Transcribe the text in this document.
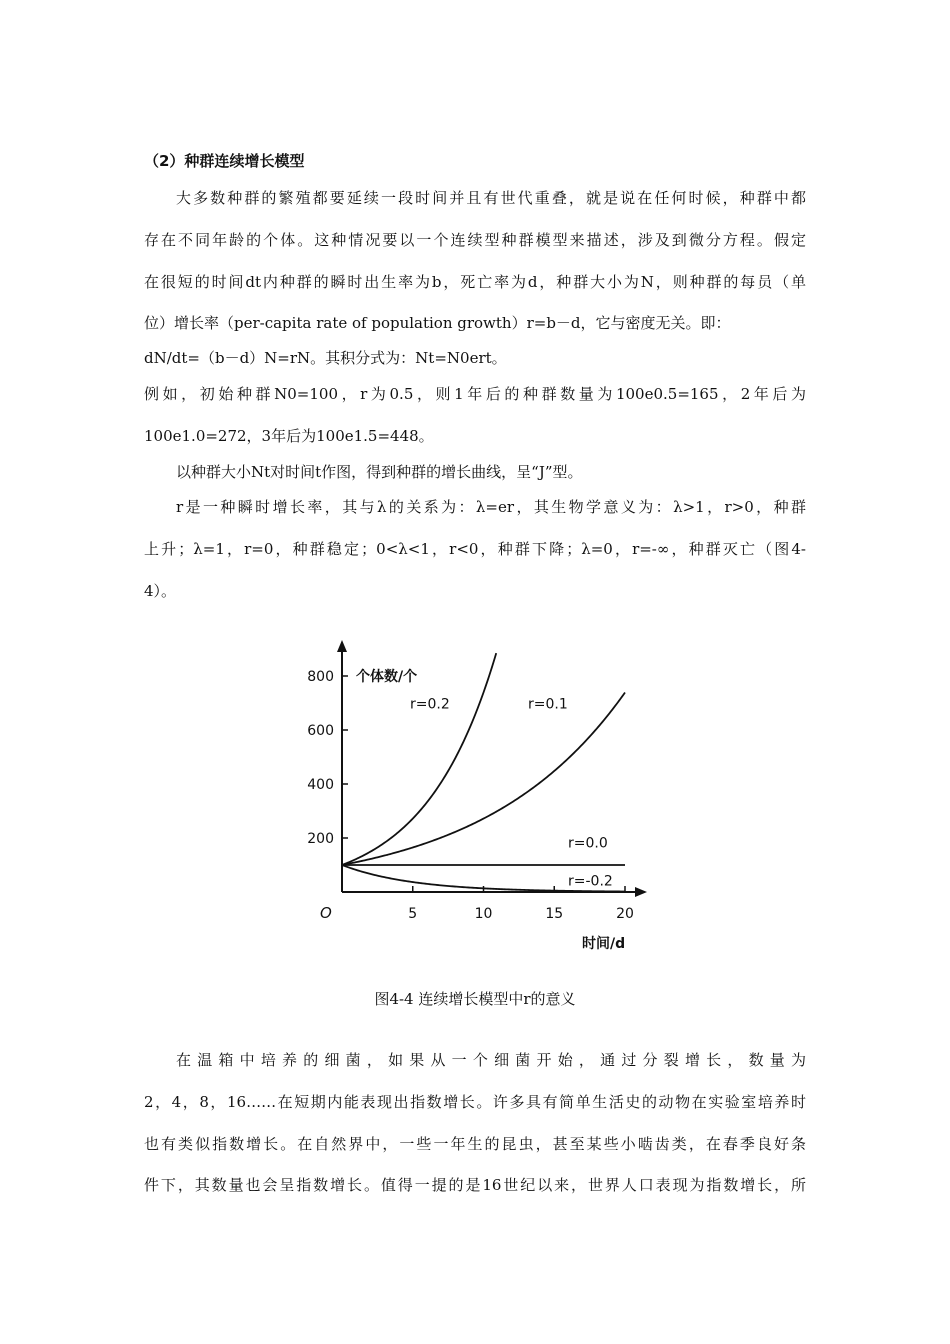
（2）种群连续增长模型
大多数种群的繁殖都要延续一段时间并且有世代重叠，就是说在任何时候，种群中都
存在不同年龄的个体。这种情况要以一个连续型种群模型来描述，涉及到微分方程。假定
在很短的时间dt内种群的瞬时出生率为b，死亡率为d，种群大小为N，则种群的每员（单
位）增长率（per-capita rate of population growth）r=b－d，它与密度无关。即：
dN/dt=（b－d）N=rN。其积分式为：Nt=N0ert。
例如，初始种群N0=100，r为0.5，则1年后的种群数量为100e0.5=165，2年后为
100e1.0=272，3年后为100e1.5=448。
以种群大小Nt对时间t作图，得到种群的增长曲线，呈“J”型。
r是一种瞬时增长率，其与λ的关系为：λ=er，其生物学意义为：λ>1，r>0，种群
上升；λ=1，r=0，种群稳定；0<λ<1，r<0，种群下降；λ=0，r=-∞，种群灭亡（图4-
4）。
800
600
400
200
5	10	15	20
O
个体数/个
时间/d
r=0.2	r=0.1
r=0.0
r=-0.2
图4-4 连续增长模型中r的意义
在温箱中培养的细菌，如果从一个细菌开始，通过分裂增长，数量为
2，4，8，16……在短期内能表现出指数增长。许多具有简单生活史的动物在实验室培养时
也有类似指数增长。在自然界中，一些一年生的昆虫，甚至某些小啮齿类，在春季良好条
件下，其数量也会呈指数增长。值得一提的是16世纪以来，世界人口表现为指数增长，所
